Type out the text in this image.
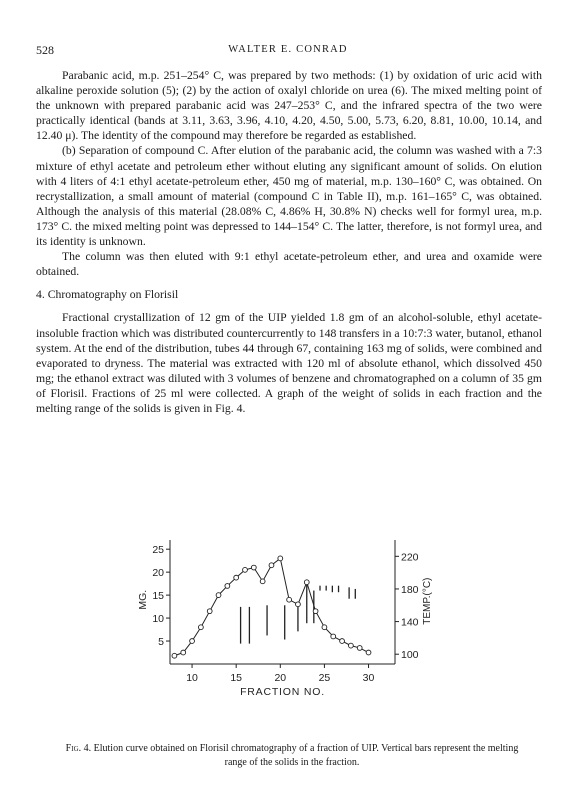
528	WALTER E. CONRAD

Parabanic acid, m.p. 251–254° C, was prepared by two methods: (1) by oxidation of uric acid with alkaline peroxide solution (5); (2) by the action of oxalyl chloride on urea (6). The mixed melting point of the unknown with prepared parabanic acid was 247–253° C, and the infrared spectra of the two were practically identical (bands at 3.11, 3.63, 3.96, 4.10, 4.20, 4.50, 5.00, 5.73, 6.20, 8.81, 10.00, 10.14, and 12.40 μ). The identity of the compound may therefore be regarded as established.

(b) Separation of compound C. After elution of the parabanic acid, the column was washed with a 7:3 mixture of ethyl acetate and petroleum ether without eluting any significant amount of solids. On elution with 4 liters of 4:1 ethyl acetate-petroleum ether, 450 mg of material, m.p. 130–160° C, was obtained. On recrystallization, a small amount of material (compound C in Table II), m.p. 161–165° C, was obtained. Although the analysis of this material (28.08% C, 4.86% H, 30.8% N) checks well for formyl urea, m.p. 173° C. the mixed melting point was depressed to 144–154° C. The latter, therefore, is not formyl urea, and its identity is unknown.

The column was then eluted with 9:1 ethyl acetate-petroleum ether, and urea and oxamide were obtained.

4. Chromatography on Florisil

Fractional crystallization of 12 gm of the UIP yielded 1.8 gm of an alcohol-soluble, ethyl acetate-insoluble fraction which was distributed countercurrently to 148 transfers in a 10:7:3 water, butanol, ethanol system. At the end of the distribution, tubes 44 through 67, containing 163 mg of solids, were combined and evaporated to dryness. The material was extracted with 120 ml of absolute ethanol, which dissolved 450 mg; the ethanol extract was diluted with 3 volumes of benzene and chromatographed on a column of 35 gm of Florisil. Fractions of 25 ml were collected. A graph of the weight of solids in each fraction and the melting range of the solids is given in Fig. 4.

10	15	20	25	30
5
10
15
20
25
100
140
180
220
FRACTION NO.
MG.	TEMP.(°C)
Fig. 4. Elution curve obtained on Florisil chromatography of a fraction of UIP. Vertical bars represent the melting range of the solids in the fraction.
